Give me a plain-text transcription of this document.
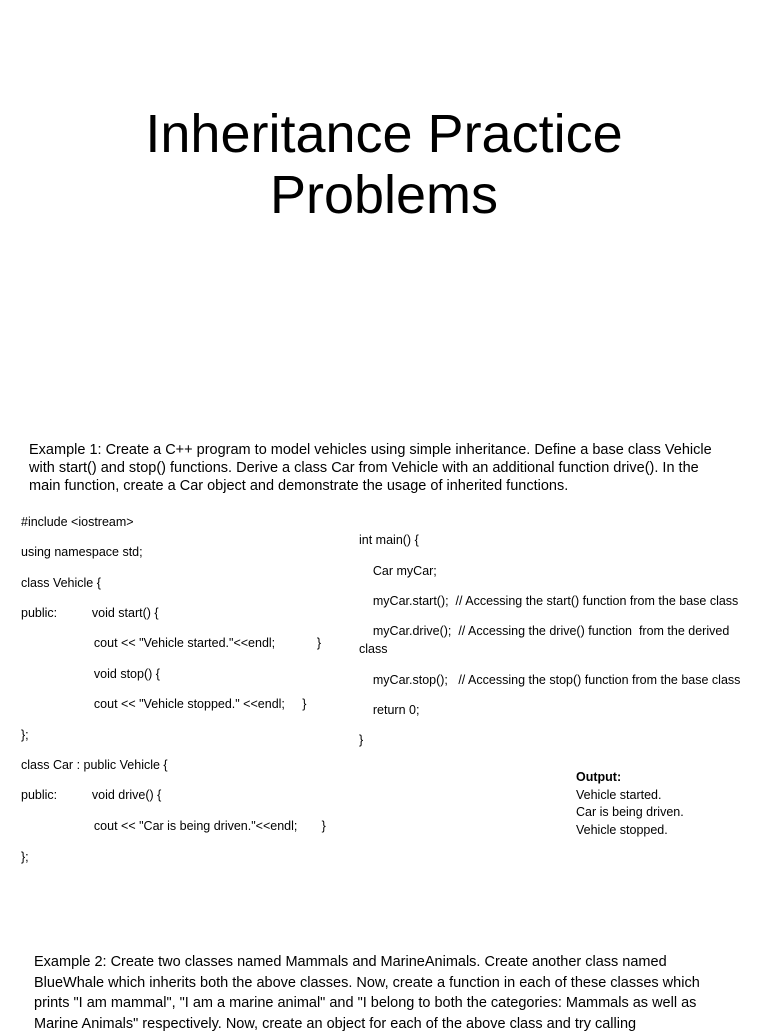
Inheritance Practice
Problems
Example 1: Create a C++ program to model vehicles using simple inheritance. Define a base class Vehicle with start() and stop() functions. Derive a class Car from Vehicle with an additional function drive(). In the main function, create a Car object and demonstrate the usage of inherited functions.

#include <iostream>

using namespace std;

class Vehicle {

public:          void start() {

cout << "Vehicle started."<<endl;            }

void stop() {

cout << "Vehicle stopped." <<endl;     }

};

class Car : public Vehicle {

public:          void drive() {

cout << "Car is being driven."<<endl;       }

};

int main() {

Car myCar;

myCar.start();  // Accessing the start() function from the base class

myCar.drive();  // Accessing the drive() function  from the derived

class

myCar.stop();   // Accessing the stop() function from the base class

return 0;

}

Output:
Vehicle started.
Car is being driven.
Vehicle stopped.
Example 2: Create two classes named Mammals and MarineAnimals. Create another class named BlueWhale which inherits both the above classes. Now, create a function in each of these classes which prints "I am mammal", "I am a marine animal" and "I belong to both the categories: Mammals as well as Marine Animals" respectively. Now, create an object for each of the above class and try calling
